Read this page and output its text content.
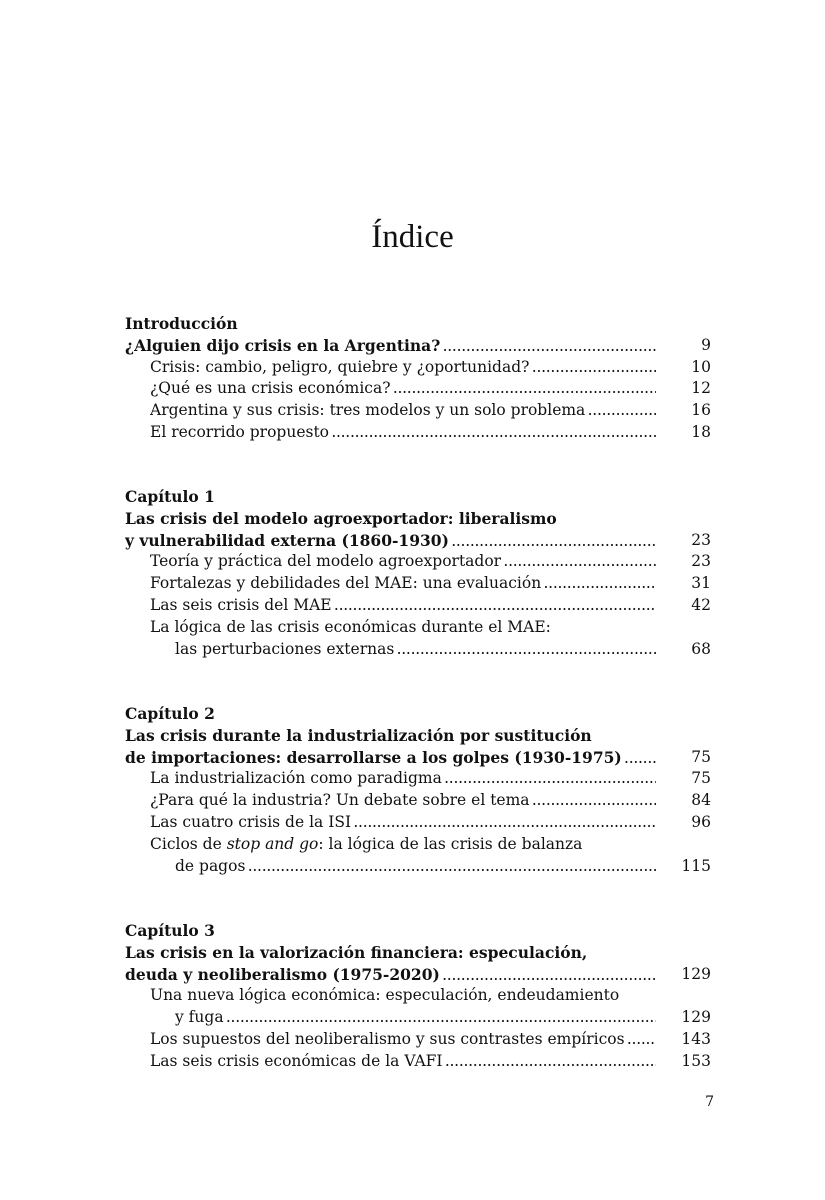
Índice
Introducción
¿Alguien dijo crisis en la Argentina? . . .	9
Crisis: cambio, peligro, quiebre y ¿oportunidad? . . .	10
¿Qué es una crisis económica? . . .	12
Argentina y sus crisis: tres modelos y un solo problema . . .	16
El recorrido propuesto . . .	18
Capítulo 1
Las crisis del modelo agroexportador: liberalismo
y vulnerabilidad externa (1860-1930) . . .	23
Teoría y práctica del modelo agroexportador . . .	23
Fortalezas y debilidades del MAE: una evaluación . . .	31
Las seis crisis del MAE . . .	42
La lógica de las crisis económicas durante el MAE:
las perturbaciones externas . . .	68
Capítulo 2
Las crisis durante la industrialización por sustitución
de importaciones: desarrollarse a los golpes (1930-1975) . . .	75
La industrialización como paradigma . . .	75
¿Para qué la industria? Un debate sobre el tema . . .	84
Las cuatro crisis de la ISI . . .	96
Ciclos de stop and go: la lógica de las crisis de balanza
de pagos . . .	115
Capítulo 3
Las crisis en la valorización financiera: especulación,
deuda y neoliberalismo (1975-2020) . . .	129
Una nueva lógica económica: especulación, endeudamiento
y fuga . . .	129
Los supuestos del neoliberalismo y sus contrastes empíricos . . .	143
Las seis crisis económicas de la VAFI . . .	153
7
